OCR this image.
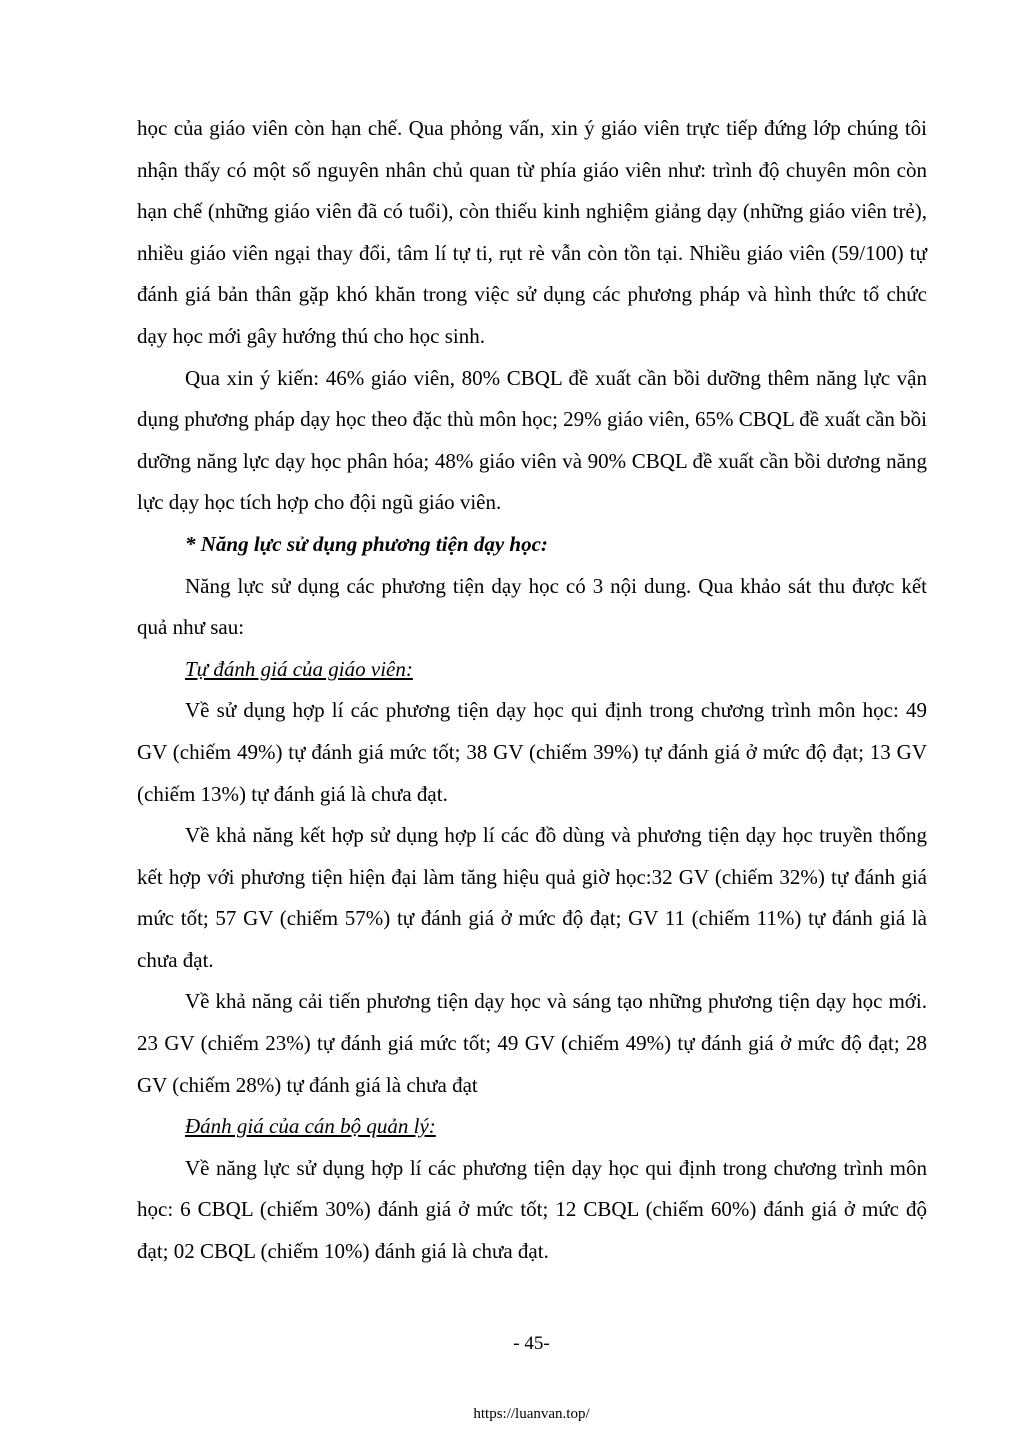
học của giáo viên còn hạn chế. Qua phỏng vấn, xin ý giáo viên trực tiếp đứng lớp chúng tôi nhận thấy có một số nguyên nhân chủ quan từ phía giáo viên như: trình độ chuyên môn còn hạn chế (những giáo viên đã có tuổi), còn thiếu kinh nghiệm giảng dạy (những giáo viên trẻ), nhiều giáo viên ngại thay đổi, tâm lí tự ti, rụt rè vẫn còn tồn tại. Nhiều giáo viên (59/100) tự đánh giá bản thân gặp khó khăn trong việc sử dụng các phương pháp và hình thức tổ chức dạy học mới gây hướng thú cho học sinh.

Qua xin ý kiến: 46% giáo viên, 80% CBQL đề xuất cần bồi dưỡng thêm năng lực vận dụng phương pháp dạy học theo đặc thù môn học; 29% giáo viên, 65% CBQL đề xuất cần bồi dưỡng năng lực dạy học phân hóa; 48% giáo viên và 90% CBQL đề xuất cần bồi dương năng lực dạy học tích hợp cho đội ngũ giáo viên.

* Năng lực sử dụng phương tiện dạy học:

Năng lực sử dụng các phương tiện dạy học có 3 nội dung. Qua khảo sát thu được kết quả như sau:

Tự đánh giá của giáo viên:

Về sử dụng hợp lí các phương tiện dạy học qui định trong chương trình môn học: 49 GV (chiếm 49%) tự đánh giá mức tốt; 38 GV (chiếm 39%) tự đánh giá ở mức độ đạt; 13 GV (chiếm 13%) tự đánh giá là chưa đạt.

Về khả năng kết hợp sử dụng hợp lí các đồ dùng và phương tiện dạy học truyền thống kết hợp với phương tiện hiện đại làm tăng hiệu quả giờ học:32 GV (chiếm 32%) tự đánh giá mức tốt; 57 GV (chiếm 57%) tự đánh giá ở mức độ đạt; GV 11 (chiếm 11%) tự đánh giá là chưa đạt.

Về khả năng cải tiến phương tiện dạy học và sáng tạo những phương tiện dạy học mới. 23 GV (chiếm 23%) tự đánh giá mức tốt; 49 GV (chiếm 49%) tự đánh giá ở mức độ đạt; 28 GV (chiếm 28%) tự đánh giá là chưa đạt

Đánh giá của cán bộ quản lý:

Về năng lực sử dụng hợp lí các phương tiện dạy học qui định trong chương trình môn học: 6 CBQL (chiếm 30%) đánh giá ở mức tốt; 12 CBQL (chiếm 60%) đánh giá ở mức độ đạt; 02 CBQL (chiếm 10%) đánh giá là chưa đạt.

- 45-
https://luanvan.top/
